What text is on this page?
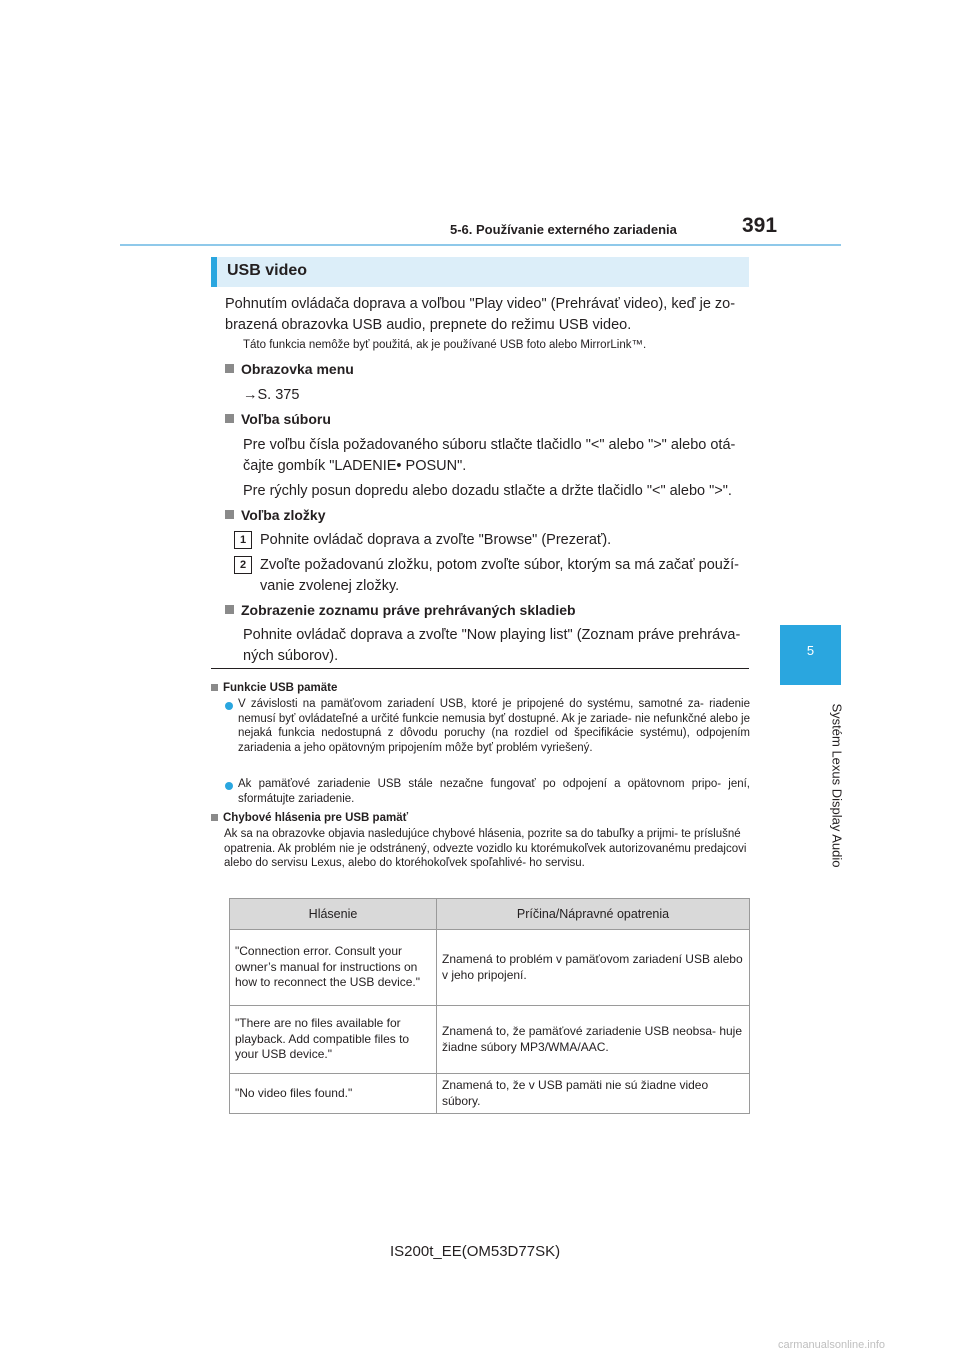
5-6. Používanie externého zariadenia	391
5
Systém Lexus Display Audio
USB video
Pohnutím ovládača doprava a voľbou "Play video" (Prehrávať video), keď je zo-
brazená obrazovka USB audio, prepnete do režimu USB video.
Táto funkcia nemôže byť použitá, ak je používané USB foto alebo MirrorLink™.
Obrazovka menu
→S. 375
Voľba súboru
Pre voľbu čísla požadovaného súboru stlačte tlačidlo "<" alebo ">" alebo otá-
čajte gombík "LADENIE• POSUN".
Pre rýchly posun dopredu alebo dozadu stlačte a držte tlačidlo "<" alebo ">".
Voľba zložky
1 Pohnite ovládač doprava a zvoľte "Browse" (Prezerať).
2 Zvoľte požadovanú zložku, potom zvoľte súbor, ktorým sa má začať použí-
vanie zvolenej zložky.
Zobrazenie zoznamu práve prehrávaných skladieb
Pohnite ovládač doprava a zvoľte "Now playing list" (Zoznam práve prehráva-
ných súborov).
Funkcie USB pamäte
V závislosti na pamäťovom zariadení USB, ktoré je pripojené do systému, samotné za- riadenie nemusí byť ovládateľné a určité funkcie nemusia byť dostupné. Ak je zariade- nie nefunkčné alebo je nejaká funkcia nedostupná z dôvodu poruchy (na rozdiel od špecifikácie systému), odpojením zariadenia a jeho opätovným pripojením môže byť problém vyriešený.
Ak pamäťové zariadenie USB stále nezačne fungovať po odpojení a opätovnom pripo- jení, sformátujte zariadenie.
Chybové hlásenia pre USB pamäť
Ak sa na obrazovke objavia nasledujúce chybové hlásenia, pozrite sa do tabuľky a prijmi- te príslušné opatrenia. Ak problém nie je odstránený, odvezte vozidlo ku ktorémukoľvek autorizovanému predajcovi alebo do servisu Lexus, alebo do ktoréhokoľvek spoľahlivé- ho servisu.
Hlásenie	Príčina/Nápravné opatrenia
"Connection error. Consult your owner’s manual for instructions on how to reconnect the USB device."	Znamená to problém v pamäťovom zariadení USB alebo v jeho pripojení.
"There are no files available for playback. Add compatible files to your USB device."	Znamená to, že pamäťové zariadenie USB neobsa- huje žiadne súbory MP3/WMA/AAC.
"No video files found."	Znamená to, že v USB pamäti nie sú žiadne video súbory.
IS200t_EE(OM53D77SK)
carmanualsonline.info
